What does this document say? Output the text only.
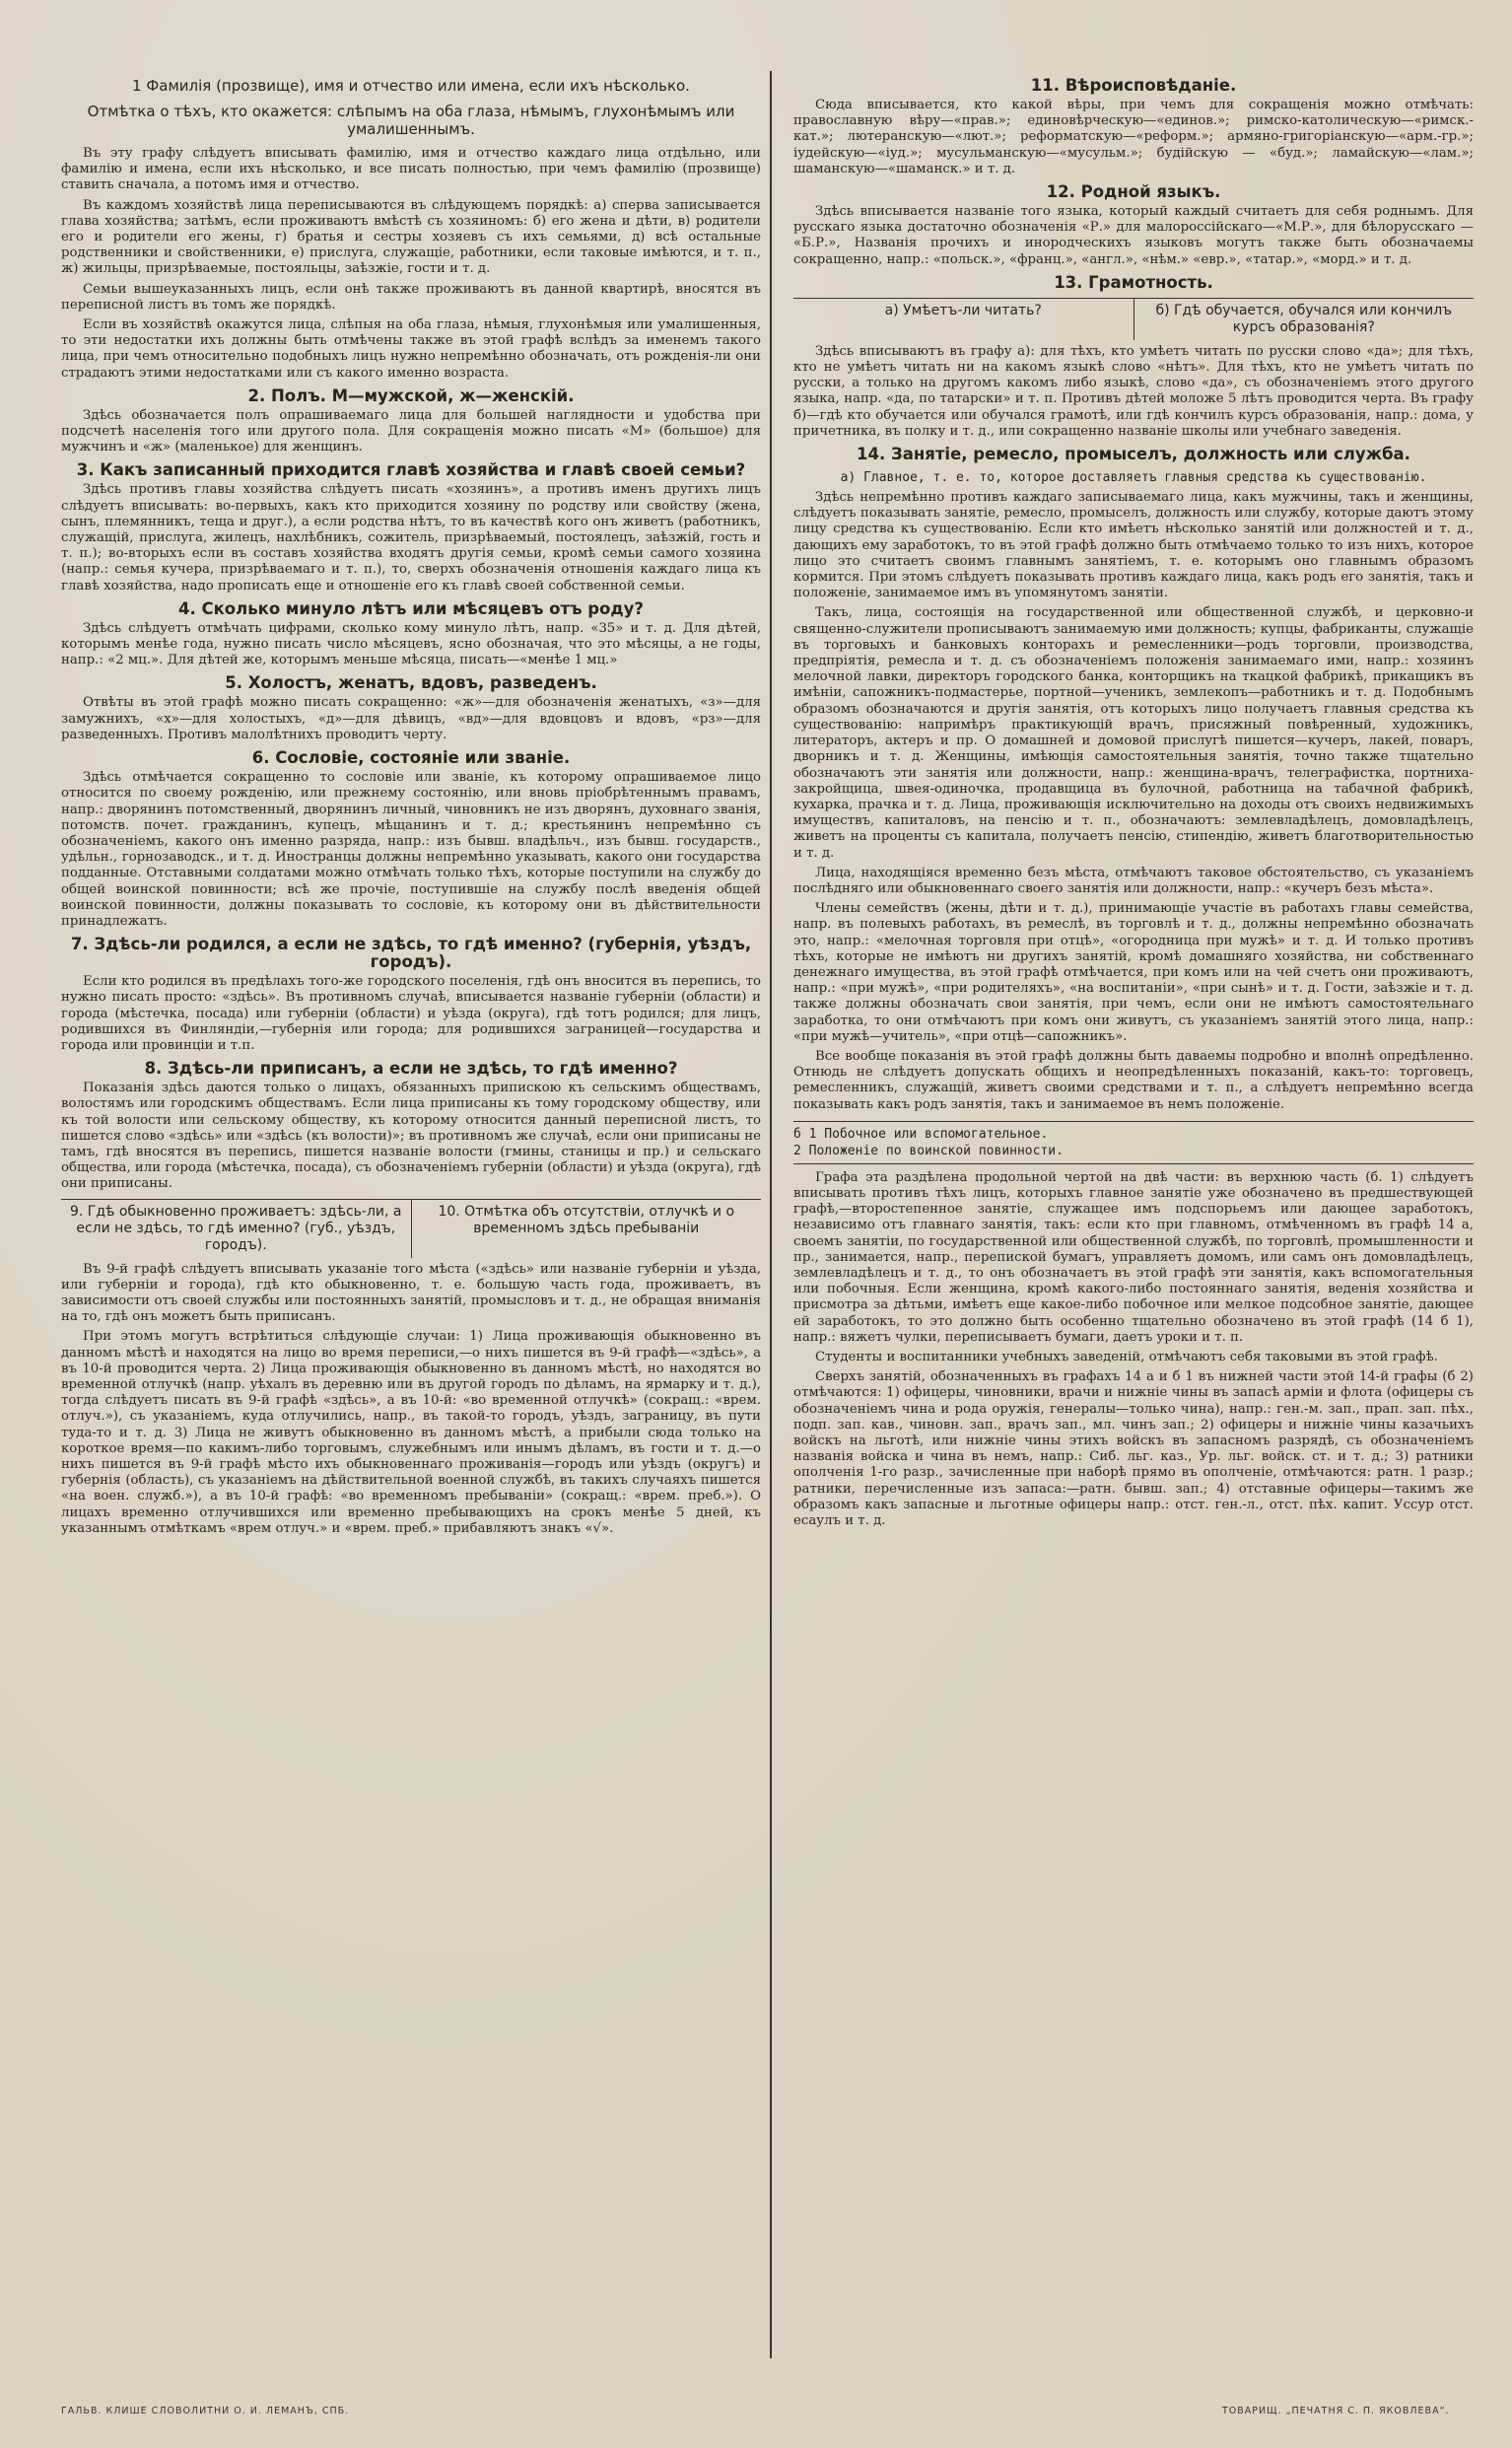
1 Фамилія (прозвище), имя и отчество или имена, если ихъ нѣсколько.
Отмѣтка о тѣхъ, кто окажется: слѣпымъ на оба глаза, нѣмымъ, глухонѣмымъ или умалишеннымъ.

Въ эту графу слѣдуетъ вписывать фамилію, имя и отчество каждаго лица отдѣльно, или фамилію и имена, если ихъ нѣсколько, и все писать полностью, при чемъ фамилію (прозвище) ставить сначала, а потомъ имя и отчество.

Въ каждомъ хозяйствѣ лица переписываются въ слѣдующемъ порядкѣ: а) сперва записывается глава хозяйства; затѣмъ, если проживаютъ вмѣстѣ съ хозяиномъ: б) его жена и дѣти, в) родители его и родители его жены, г) братья и сестры хозяевъ съ ихъ семьями, д) всѣ остальные родственники и свойственники, е) прислуга, служащіе, работники, если таковые имѣются, и т. п., ж) жильцы, призрѣваемые, постояльцы, заѣзжіе, гости и т. д.

Семьи вышеуказанныхъ лицъ, если онѣ также проживаютъ въ данной квартирѣ, вносятся въ переписной листъ въ томъ же порядкѣ.

Если въ хозяйствѣ окажутся лица, слѣпыя на оба глаза, нѣмыя, глухонѣмыя или умалишенныя, то эти недостатки ихъ должны быть отмѣчены также въ этой графѣ вслѣдъ за именемъ такого лица, при чемъ относительно подобныхъ лицъ нужно непремѣнно обозначать, отъ рожденія-ли они страдаютъ этими недостатками или съ какого именно возраста.

2. Полъ. М—мужской, ж—женскій.

Здѣсь обозначается полъ опрашиваемаго лица для большей наглядности и удобства при подсчетѣ населенія того или другого пола. Для сокращенія можно писать «М» (большое) для мужчинъ и «ж» (маленькое) для женщинъ.

3. Какъ записанный приходится главѣ хозяйства и главѣ своей семьи?

Здѣсь противъ главы хозяйства слѣдуетъ писать «хозяинъ», а противъ именъ другихъ лицъ слѣдуетъ вписывать: во-первыхъ, какъ кто приходится хозяину по родству или свойству (жена, сынъ, племянникъ, теща и друг.), а если родства нѣтъ, то въ качествѣ кого онъ живетъ (работникъ, служащій, прислуга, жилецъ, нахлѣбникъ, сожитель, призрѣваемый, постоялецъ, заѣзжій, гость и т. п.); во-вторыхъ если въ составъ хозяйства входятъ другія семьи, кромѣ семьи самого хозяина (напр.: семья кучера, призрѣваемаго и т. п.), то, сверхъ обозначенія отношенія каждаго лица къ главѣ хозяйства, надо прописать еще и отношеніе его къ главѣ своей собственной семьи.

4. Сколько минуло лѣтъ или мѣсяцевъ отъ роду?

Здѣсь слѣдуетъ отмѣчать цифрами, сколько кому минуло лѣтъ, напр. «35» и т. д. Для дѣтей, которымъ менѣе года, нужно писать число мѣсяцевъ, ясно обозначая, что это мѣсяцы, а не годы, напр.: «2 мц.». Для дѣтей же, которымъ меньше мѣсяца, писать—«менѣе 1 мц.»

5. Холостъ, женатъ, вдовъ, разведенъ.

Отвѣты въ этой графѣ можно писать сокращенно: «ж»—для обозначенія женатыхъ, «з»—для замужнихъ, «х»—для холостыхъ, «д»—для дѣвицъ, «вд»—для вдовцовъ и вдовъ, «рз»—для разведенныхъ. Противъ малолѣтнихъ проводитъ черту.

6. Сословіе, состояніе или званіе.

Здѣсь отмѣчается сокращенно то сословіе или званіе, къ которому опрашиваемое лицо относится по своему рожденію, или прежнему состоянію, или вновь пріобрѣтеннымъ правамъ, напр.: дворянинъ потомственный, дворянинъ личный, чиновникъ не изъ дворянъ, духовнаго званія, потомств. почет. гражданинъ, купецъ, мѣщанинъ и т. д.; крестьянинъ непремѣнно съ обозначеніемъ, какого онъ именно разряда, напр.: изъ бывш. владѣльч., изъ бывш. государств., удѣльн., горнозаводск., и т. д. Иностранцы должны непремѣнно указывать, какого они государства подданные. Отставными солдатами можно отмѣчать только тѣхъ, которые поступили на службу до общей воинской повинности; всѣ же прочіе, поступившіе на службу послѣ введенія общей воинской повинности, должны показывать то сословіе, къ которому они въ дѣйствительности принадлежатъ.

7. Здѣсь-ли родился, а если не здѣсь, то гдѣ именно? (губернія, уѣздъ, городъ).

Если кто родился въ предѣлахъ того-же городского поселенія, гдѣ онъ вносится въ перепись, то нужно писать просто: «здѣсь». Въ противномъ случаѣ, вписывается названіе губерніи (области) и города (мѣстечка, посада) или губерніи (области) и уѣзда (округа), гдѣ тотъ родился; для лицъ, родившихся въ Финляндіи,—губернія или города; для родившихся заграницей—государства и города или провинціи и т.п.

8. Здѣсь-ли приписанъ, а если не здѣсь, то гдѣ именно?

Показанія здѣсь даются только о лицахъ, обязанныхъ припискою къ сельскимъ обществамъ, волостямъ или городскимъ обществамъ. Если лица приписаны къ тому городскому обществу, или къ той волости или сельскому обществу, къ которому относится данный переписной листъ, то пишется слово «здѣсь» или «здѣсь (къ волости)»; въ противномъ же случаѣ, если они приписаны не тамъ, гдѣ вносятся въ перепись, пишется названіе волости (гмины, станицы и пр.) и сельскаго общества, или города (мѣстечка, посада), съ обозначеніемъ губерніи (области) и уѣзда (округа), гдѣ они приписаны.

9. Гдѣ обыкновенно проживаетъ: здѣсь-ли, а если не здѣсь, то гдѣ именно? (губ., уѣздъ, городъ).
10. Отмѣтка объ отсутствіи, отлучкѣ и о временномъ здѣсь пребываніи

Въ 9-й графѣ слѣдуетъ вписывать указаніе того мѣста («здѣсь» или названіе губерніи и уѣзда, или губерніи и города), гдѣ кто обыкновенно, т. е. большую часть года, проживаетъ, въ зависимости отъ своей службы или постоянныхъ занятій, промысловъ и т. д., не обращая вниманія на то, гдѣ онъ можетъ быть приписанъ.

При этомъ могутъ встрѣтиться слѣдующіе случаи: 1) Лица проживающія обыкновенно въ данномъ мѣстѣ и находятся на лицо во время переписи,—о нихъ пишется въ 9-й графѣ—«здѣсь», а въ 10-й проводится черта. 2) Лица проживающія обыкновенно въ данномъ мѣстѣ, но находятся во временной отлучкѣ (напр. уѣхалъ въ деревню или въ другой городъ по дѣламъ, на ярмарку и т. д.), тогда слѣдуетъ писать въ 9-й графѣ «здѣсь», а въ 10-й: «во временной отлучкѣ» (сокращ.: «врем. отлуч.»), съ указаніемъ, куда отлучились, напр., въ такой-то городъ, уѣздъ, заграницу, въ пути туда-то и т. д. 3) Лица не живутъ обыкновенно въ данномъ мѣстѣ, а прибыли сюда только на короткое время—по какимъ-либо торговымъ, служебнымъ или инымъ дѣламъ, въ гости и т. д.—о нихъ пишется въ 9-й графѣ мѣсто ихъ обыкновеннаго проживанія—городъ или уѣздъ (округъ) и губернія (область), съ указаніемъ на дѣйствительной военной службѣ, въ такихъ случаяхъ пишется «на воен. служб.»), а въ 10-й графѣ: «во временномъ пребываніи» (сокращ.: «врем. преб.»). О лицахъ временно отлучившихся или временно пребывающихъ на срокъ менѣе 5 дней, къ указаннымъ отмѣткамъ «врем отлуч.» и «врем. преб.» прибавляютъ знакъ «√».

11. Вѣроисповѣданіе.

Сюда вписывается, кто какой вѣры, при чемъ для сокращенія можно отмѣчать: православную вѣру—«прав.»; единовѣрческую—«единов.»; римско-католическую—«римск.-кат.»; лютеранскую—«лют.»; реформатскую—«реформ.»; армяно-григоріанскую—«арм.-гр.»; іудейскую—«іуд.»; мусульманскую—«мусульм.»; будійскую — «буд.»; ламайскую—«лам.»; шаманскую—«шаманск.» и т. д.

12. Родной языкъ.

Здѣсь вписывается названіе того языка, который каждый считаетъ для себя роднымъ. Для русскаго языка достаточно обозначенія «Р.» для малороссійскаго—«М.Р.», для бѣлорусскаго — «Б.Р.», Названія прочихъ и инородческихъ языковъ могутъ также быть обозначаемы сокращенно, напр.: «польск.», «франц.», «англ.», «нѣм.» «евр.», «татар.», «морд.» и т. д.

13. Грамотность.
а) Умѣетъ-ли читать?	б) Гдѣ обучается, обучался или кончилъ курсъ образованія?

Здѣсь вписываютъ въ графу а): для тѣхъ, кто умѣетъ читать по русски слово «да»; для тѣхъ, кто не умѣетъ читать ни на какомъ языкѣ слово «нѣтъ». Для тѣхъ, кто не умѣетъ читать по русски, а только на другомъ какомъ либо языкѣ, слово «да», съ обозначеніемъ этого другого языка, напр. «да, по татарски» и т. п. Противъ дѣтей моложе 5 лѣтъ проводится черта. Въ графу б)—гдѣ кто обучается или обучался грамотѣ, или гдѣ кончилъ курсъ образованія, напр.: дома, у причетника, въ полку и т. д., или сокращенно названіе школы или учебнаго заведенія.

14. Занятіе, ремесло, промыселъ, должность или служба.
а) Главное, т. е. то, которое доставляетъ главныя средства къ существованію.

Здѣсь непремѣнно противъ каждаго записываемаго лица, какъ мужчины, такъ и женщины, слѣдуетъ показывать занятіе, ремесло, промыселъ, должность или службу, которые даютъ этому лицу средства къ существованію. Если кто имѣетъ нѣсколько занятій или должностей и т. д., дающихъ ему заработокъ, то въ этой графѣ должно быть отмѣчаемо только то изъ нихъ, которое лицо это считаетъ своимъ главнымъ занятіемъ, т. е. которымъ оно главнымъ образомъ кормится. При этомъ слѣдуетъ показывать противъ каждаго лица, какъ родъ его занятія, такъ и положеніе, занимаемое имъ въ упомянутомъ занятіи.

Такъ, лица, состоящія на государственной или общественной службѣ, и церковно-и священно-служители прописываютъ занимаемую ими должность; купцы, фабриканты, служащіе въ торговыхъ и банковыхъ конторахъ и ремесленники—родъ торговли, производства, предпріятія, ремесла и т. д. съ обозначеніемъ положенія занимаемаго ими, напр.: хозяинъ мелочной лавки, директоръ городского банка, конторщикъ на ткацкой фабрикѣ, прикащикъ въ имѣніи, сапожникъ-подмастерье, портной—ученикъ, землекопъ—работникъ и т. д. Подобнымъ образомъ обозначаются и другія занятія, отъ которыхъ лицо получаетъ главныя средства къ существованію: напримѣръ практикующій врачъ, присяжный повѣренный, художникъ, литераторъ, актеръ и пр. О домашней и домовой прислугѣ пишется—кучеръ, лакей, поваръ, дворникъ и т. д. Женщины, имѣющія самостоятельныя занятія, точно также тщательно обозначаютъ эти занятія или должности, напр.: женщина-врачъ, телеграфистка, портниха-закройщица, швея-одиночка, продавщица въ булочной, работница на табачной фабрикѣ, кухарка, прачка и т. д. Лица, проживающія исключительно на доходы отъ своихъ недвижимыхъ имуществъ, капиталовъ, на пенсію и т. п., обозначаютъ: землевладѣлецъ, домовладѣлецъ, живетъ на проценты съ капитала, получаетъ пенсію, стипендію, живетъ благотворительностью и т. д.

Лица, находящіяся временно безъ мѣста, отмѣчаютъ таковое обстоятельство, съ указаніемъ послѣдняго или обыкновеннаго своего занятія или должности, напр.: «кучеръ безъ мѣста».

Члены семействъ (жены, дѣти и т. д.), принимающіе участіе въ работахъ главы семейства, напр. въ полевыхъ работахъ, въ ремеслѣ, въ торговлѣ и т. д., должны непремѣнно обозначать это, напр.: «мелочная торговля при отцѣ», «огородница при мужѣ» и т. д. И только противъ тѣхъ, которые не имѣютъ ни другихъ занятій, кромѣ домашняго хозяйства, ни собственнаго денежнаго имущества, въ этой графѣ отмѣчается, при комъ или на чей счетъ они проживаютъ, напр.: «при мужѣ», «при родителяхъ», «на воспитаніи», «при сынѣ» и т. д. Гости, заѣзжіе и т. д. также должны обозначать свои занятія, при чемъ, если они не имѣютъ самостоятельнаго заработка, то они отмѣчаютъ при комъ они живутъ, съ указаніемъ занятій этого лица, напр.: «при мужѣ—учитель», «при отцѣ—сапожникъ».

Все вообще показанія въ этой графѣ должны быть даваемы подробно и вполнѣ опредѣленно. Отнюдь не слѣдуетъ допускать общихъ и неопредѣленныхъ показаній, какъ-то: торговецъ, ремесленникъ, служащій, живетъ своими средствами и т. п., а слѣдуетъ непремѣнно всегда показывать какъ родъ занятія, такъ и занимаемое въ немъ положеніе.

б 1 Побочное или вспомогательное.
2 Положеніе по воинской повинности.

Графа эта раздѣлена продольной чертой на двѣ части: въ верхнюю часть (б. 1) слѣдуетъ вписывать противъ тѣхъ лицъ, которыхъ главное занятіе уже обозначено въ предшествующей графѣ,—второстепенное занятіе, служащее имъ подспорьемъ или дающее заработокъ, независимо отъ главнаго занятія, такъ: если кто при главномъ, отмѣченномъ въ графѣ 14 а, своемъ занятіи, по государственной или общественной службѣ, по торговлѣ, промышленности и пр., занимается, напр., перепиской бумагъ, управляетъ домомъ, или самъ онъ домовладѣлецъ, землевладѣлецъ и т. д., то онъ обозначаетъ въ этой графѣ эти занятія, какъ вспомогательныя или побочныя. Если женщина, кромѣ какого-либо постояннаго занятія, веденія хозяйства и присмотра за дѣтьми, имѣетъ еще какое-либо побочное или мелкое подсобное занятіе, дающее ей заработокъ, то это должно быть особенно тщательно обозначено въ этой графѣ (14 б 1), напр.: вяжетъ чулки, переписываетъ бумаги, даетъ уроки и т. п.

Студенты и воспитанники учебныхъ заведеній, отмѣчаютъ себя таковыми въ этой графѣ.

Сверхъ занятій, обозначенныхъ въ графахъ 14 а и б 1 въ нижней части этой 14-й графы (б 2) отмѣчаются: 1) офицеры, чиновники, врачи и нижніе чины въ запасѣ арміи и флота (офицеры съ обозначеніемъ чина и рода оружія, генералы—только чина), напр.: ген.-м. зап., прап. зап. пѣх., подп. зап. кав., чиновн. зап., врачъ зап., мл. чинъ зап.; 2) офицеры и нижніе чины казачьихъ войскъ на льготѣ, или нижніе чины этихъ войскъ въ запасномъ разрядѣ, съ обозначеніемъ названія войска и чина въ немъ, напр.: Сиб. льг. каз., Ур. льг. войск. ст. и т. д.; 3) ратники ополченія 1-го разр., зачисленные при наборѣ прямо въ ополченіе, отмѣчаются: ратн. 1 разр.; ратники, перечисленные изъ запаса:—ратн. бывш. зап.; 4) отставные офицеры—такимъ же образомъ какъ запасные и льготные офицеры напр.: отст. ген.-л., отст. пѣх. капит. Уссур отст. есаулъ и т. д.

ГАЛЬВ. КЛИШЕ СЛОВОЛИТНИ О. И. ЛЕМАНЪ, СПБ.	ТОВАРИЩ. „ПЕЧАТНЯ С. П. ЯКОВЛЕВА“.
